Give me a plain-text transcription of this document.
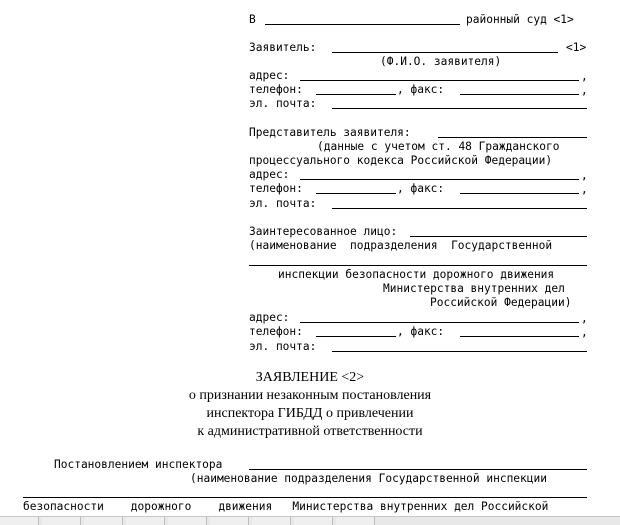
В	районный суд <1>
Заявитель:	<1>
(Ф.И.О. заявителя)
адрес:	,
телефон:	, факс:	,
эл. почта:
Представитель заявителя:
(данные с учетом ст. 48 Гражданского
процессуального кодекса Российской Федерации)
адрес:	,
телефон:	, факс:	,
эл. почта:
Заинтересованное лицо:
(наименование  подразделения  Государственной
инспекции безопасности дорожного движения
Министерства внутренних дел
Российской Федерации)
адрес:	,
телефон:	, факс:	,
эл. почта:
ЗАЯВЛЕНИЕ <2>
о признании незаконным постановления
инспектора ГИБДД о привлечении
к административной ответственности
Постановлением инспектора
(наименование подразделения Государственной инспекции
безопасности    дорожного    движения   Министерства внутренних дел Российской
